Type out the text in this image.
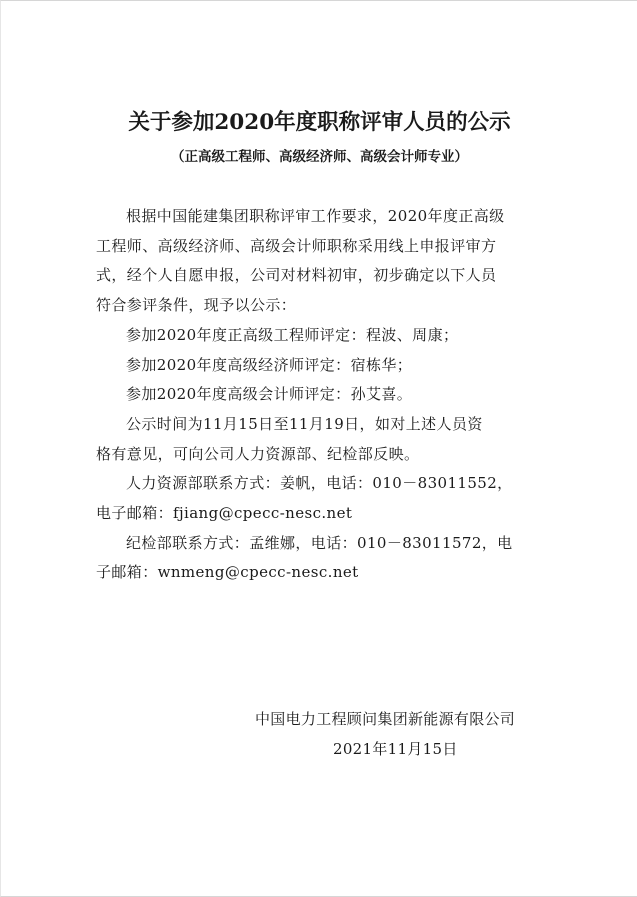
关于参加2020年度职称评审人员的公示
（正高级工程师、高级经济师、高级会计师专业）
根据中国能建集团职称评审工作要求，2020年度正高级
工程师、高级经济师、高级会计师职称采用线上申报评审方
式，经个人自愿申报，公司对材料初审，初步确定以下人员
符合参评条件，现予以公示：
参加2020年度正高级工程师评定：程波、周康；
参加2020年度高级经济师评定：宿栋华；
参加2020年度高级会计师评定：孙艾喜。
公示时间为11月15日至11月19日，如对上述人员资
格有意见，可向公司人力资源部、纪检部反映。
人力资源部联系方式：姜帆，电话：010－83011552，
电子邮箱：fjiang@cpecc-nesc.net
纪检部联系方式：孟维娜，电话：010－83011572，电
子邮箱：wnmeng@cpecc-nesc.net
中国电力工程顾问集团新能源有限公司
2021年11月15日
